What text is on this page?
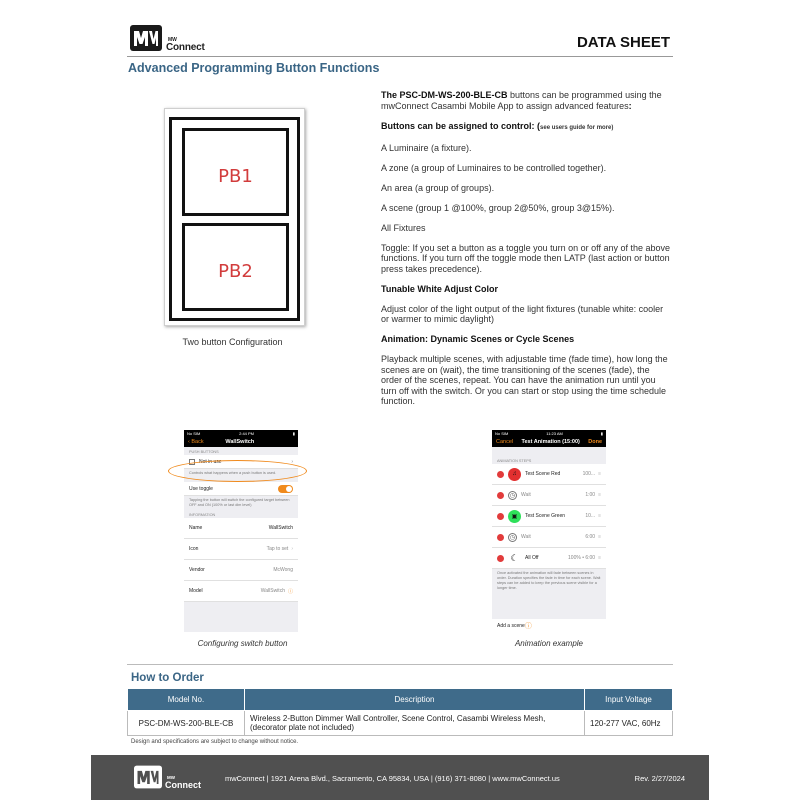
MW
Connect	DATA SHEET
Advanced Programming Button Functions
PB1
PB2
Two button Configuration

The PSC-DM-WS-200-BLE-CB buttons can be programmed using the mwConnect Casambi Mobile App to assign advanced features:

Buttons can be assigned to control: (see users guide for more)

A Luminaire (a fixture).

A zone (a group of Luminaires to be controlled together).

An area (a group of groups).

A scene (group 1 @100%, group 2@50%, group 3@15%).

All Fixtures

Toggle: If you set a button as a toggle you turn on or off any of the above functions. If you turn off the toggle mode then LATP (last action or button press takes precedence).

Tunable White Adjust Color

Adjust color of the light output of the light fixtures (tunable white: cooler or warmer to mimic daylight)

Animation: Dynamic Scenes or Cycle Scenes

Playback multiple scenes, with adjustable time (fade time), how long the scenes are on (wait), the time transitioning of the scenes (fade), the order of the scenes, repeat. You can have the animation run until you turn off with the switch. Or you can start or stop using the time schedule function.

No SIM	2:44 PM	▮
‹ Back	WallSwitch
PUSH BUTTONS
Not in use	›
Controls what happens when a push button is used.
Use toggle
Tapping the button will switch the configured target between OFF and ON (100% or last dim level)
INFORMATION
Name	WallSwitch
Icon	Tap to set ›
Vendor	McWong
Model	WallSwitch ⓘ
Configuring switch button
No SIM	11:23 AM	▮
Cancel Test Animation (15:00) Done
ANIMATION STEPS
♫	Test Scene Red	100... ≡
◷	Wait	1:00 ≡
▣	Test Scene Green	10... ≡
◷	Wait	6:00 ≡
☾	All Off	100% • 6:00 ≡
Once activated the animation will fade between scenes in order. Duration specifies the fade in time for each scene. Wait steps can be added to keep the previous scene visible for a longer time.
Add a scene ⓘ
Animation example
How to Order
Model No.	Description	Input Voltage
PSC-DM-WS-200-BLE-CB	Wireless 2-Button Dimmer Wall Controller, Scene Control, Casambi Wireless Mesh, (decorator plate not included)	120-277 VAC, 60Hz
Design and specifications are subject to change without notice.
MW
Connect
mwConnect | 1921 Arena Blvd., Sacramento, CA 95834, USA | (916) 371-8080 | www.mwConnect.us	Rev. 2/27/2024
